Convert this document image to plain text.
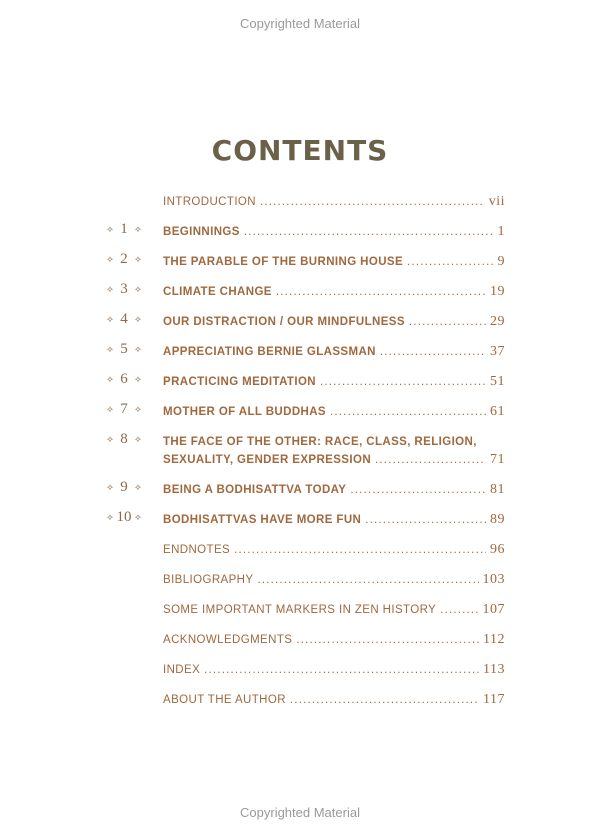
Copyrighted Material
CONTENTS
INTRODUCTION . . .	vii
⟡ 1 ⟡ BEGINNINGS . . .	1
⟡ 2 ⟡ THE PARABLE OF THE BURNING HOUSE . . .	9
⟡ 3 ⟡ CLIMATE CHANGE . . .	19
⟡ 4 ⟡ OUR DISTRACTION / OUR MINDFULNESS . . .	29
⟡ 5 ⟡ APPRECIATING BERNIE GLASSMAN . . .	37
⟡ 6 ⟡ PRACTICING MEDITATION . . .	51
⟡ 7 ⟡ MOTHER OF ALL BUDDHAS . . .	61
⟡ 8 ⟡ THE FACE OF THE OTHER: RACE, CLASS, RELIGION,
SEXUALITY, GENDER EXPRESSION . . .	71
⟡ 9 ⟡ BEING A BODHISATTVA TODAY . . .	81
⟡ 10 ⟡ BODHISATTVAS HAVE MORE FUN . . .	89
ENDNOTES . . .	96
BIBLIOGRAPHY . . .	103
SOME IMPORTANT MARKERS IN ZEN HISTORY . . .	107
ACKNOWLEDGMENTS . . .	112
INDEX . . .	113
ABOUT THE AUTHOR . . .	117
Copyrighted Material
